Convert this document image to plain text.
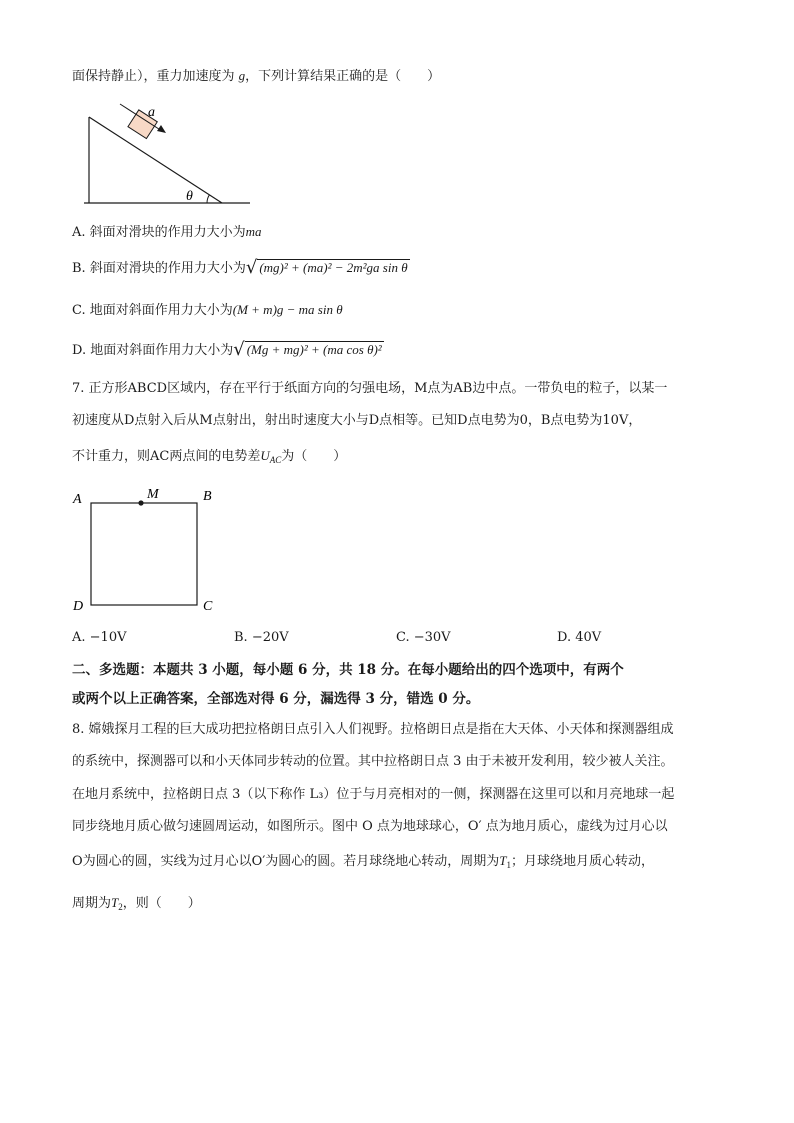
面保持静止），重力加速度为 g，下列计算结果正确的是（　　）
a
θ
A. 斜面对滑块的作用力大小为ma
B. 斜面对滑块的作用力大小为√ (mg)² + (ma)² − 2m²ga sin θ
C. 地面对斜面作用力大小为(M + m)g − ma sin θ
D. 地面对斜面作用力大小为√ (Mg + mg)² + (ma cos θ)²
7. 正方形ABCD区域内，存在平行于纸面方向的匀强电场，M点为AB边中点。一带负电的粒子，以某一
初速度从D点射入后从M点射出，射出时速度大小与D点相等。已知D点电势为0，B点电势为10V，
不计重力，则AC两点间的电势差$U_{AC}$为（　　）
A	M	B
D	C
A. −10V	B. −20V	C. −30V	D. 40V
二、多选题：本题共 3 小题，每小题 6 分，共 18 分。在每小题给出的四个选项中，有两个
或两个以上正确答案，全部选对得 6 分，漏选得 3 分，错选 0 分。
8. 嫦娥探月工程的巨大成功把拉格朗日点引入人们视野。拉格朗日点是指在大天体、小天体和探测器组成
的系统中，探测器可以和小天体同步转动的位置。其中拉格朗日点 3 由于未被开发利用，较少被人关注。
在地月系统中，拉格朗日点 3（以下称作 L₃）位于与月亮相对的一侧，探测器在这里可以和月亮地球一起
同步绕地月质心做匀速圆周运动，如图所示。图中 O 点为地球球心，O′ 点为地月质心，虚线为过月心以
O为圆心的圆，实线为过月心以O′为圆心的圆。若月球绕地心转动，周期为$T_1$；月球绕地月质心转动，
周期为$T_2$，则（　　）
